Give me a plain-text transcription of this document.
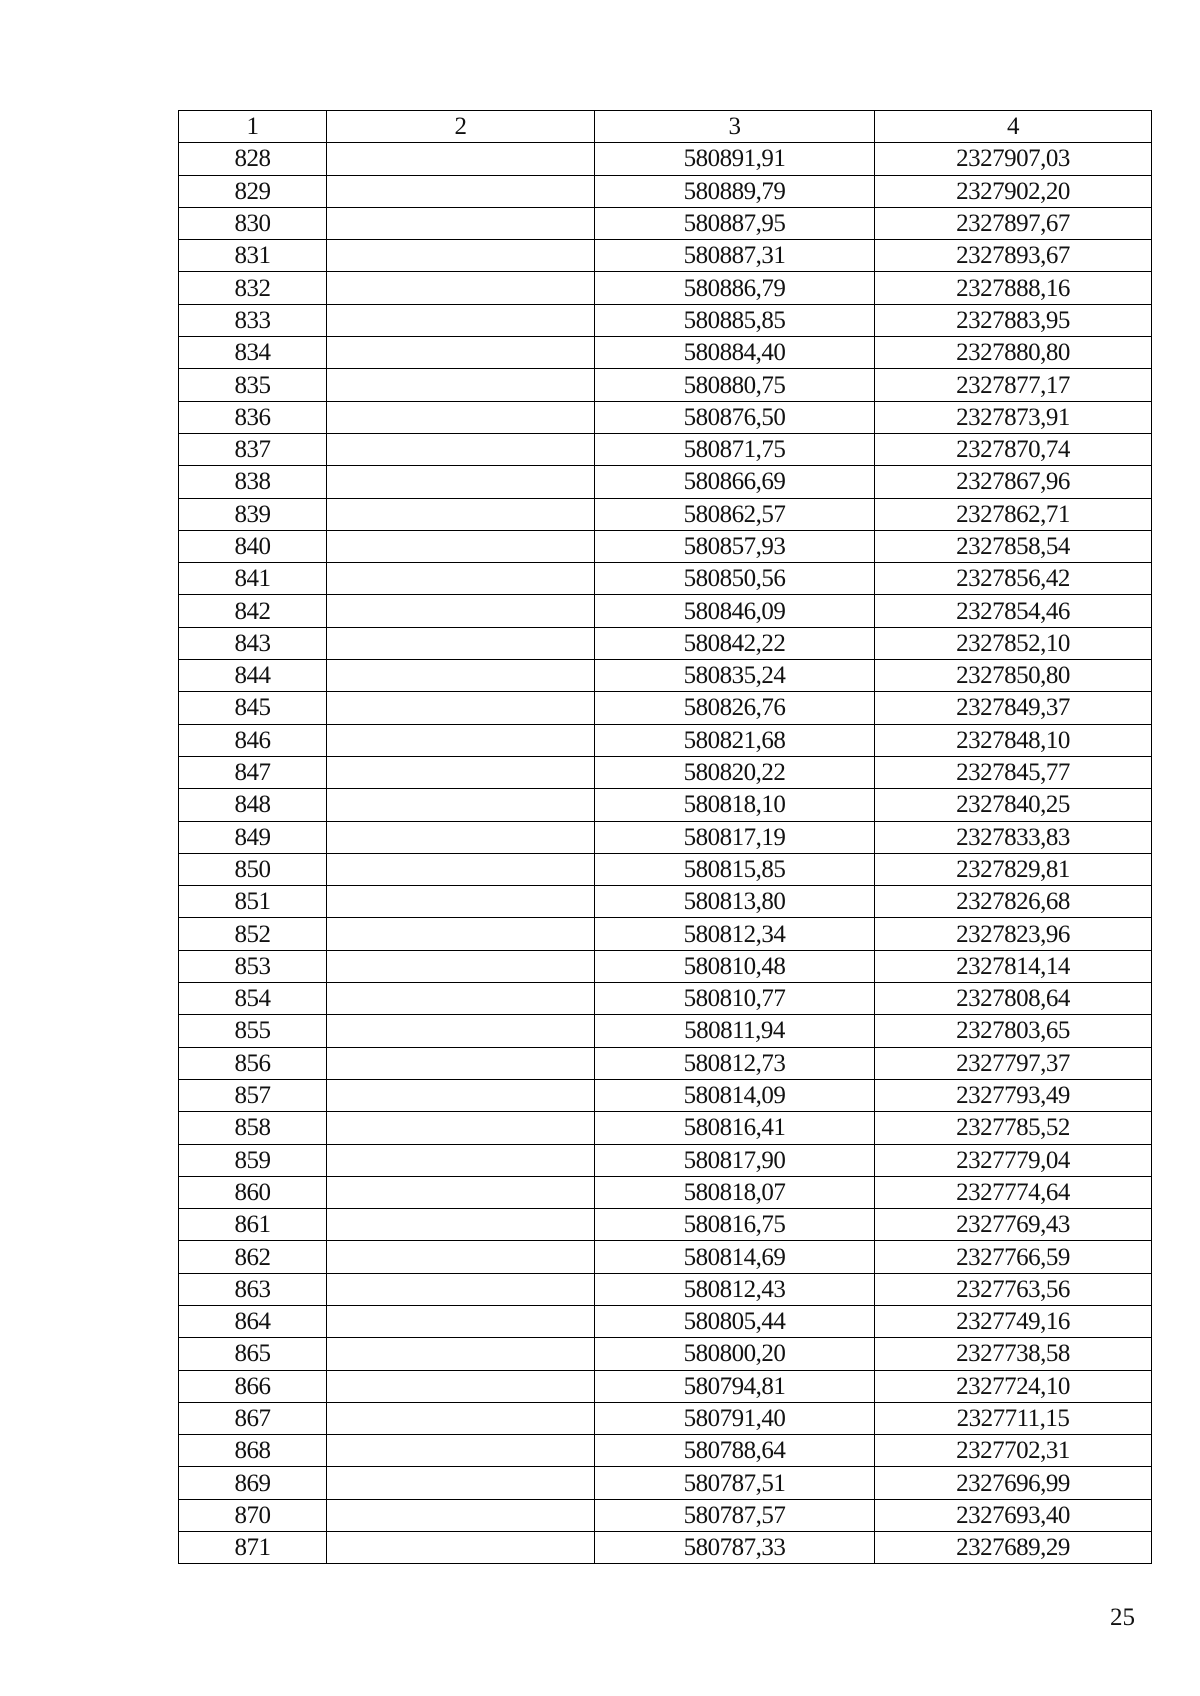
1	2	3	4
828		580891,91	2327907,03
829		580889,79	2327902,20
830		580887,95	2327897,67
831		580887,31	2327893,67
832		580886,79	2327888,16
833		580885,85	2327883,95
834		580884,40	2327880,80
835		580880,75	2327877,17
836		580876,50	2327873,91
837		580871,75	2327870,74
838		580866,69	2327867,96
839		580862,57	2327862,71
840		580857,93	2327858,54
841		580850,56	2327856,42
842		580846,09	2327854,46
843		580842,22	2327852,10
844		580835,24	2327850,80
845		580826,76	2327849,37
846		580821,68	2327848,10
847		580820,22	2327845,77
848		580818,10	2327840,25
849		580817,19	2327833,83
850		580815,85	2327829,81
851		580813,80	2327826,68
852		580812,34	2327823,96
853		580810,48	2327814,14
854		580810,77	2327808,64
855		580811,94	2327803,65
856		580812,73	2327797,37
857		580814,09	2327793,49
858		580816,41	2327785,52
859		580817,90	2327779,04
860		580818,07	2327774,64
861		580816,75	2327769,43
862		580814,69	2327766,59
863		580812,43	2327763,56
864		580805,44	2327749,16
865		580800,20	2327738,58
866		580794,81	2327724,10
867		580791,40	2327711,15
868		580788,64	2327702,31
869		580787,51	2327696,99
870		580787,57	2327693,40
871		580787,33	2327689,29
25
